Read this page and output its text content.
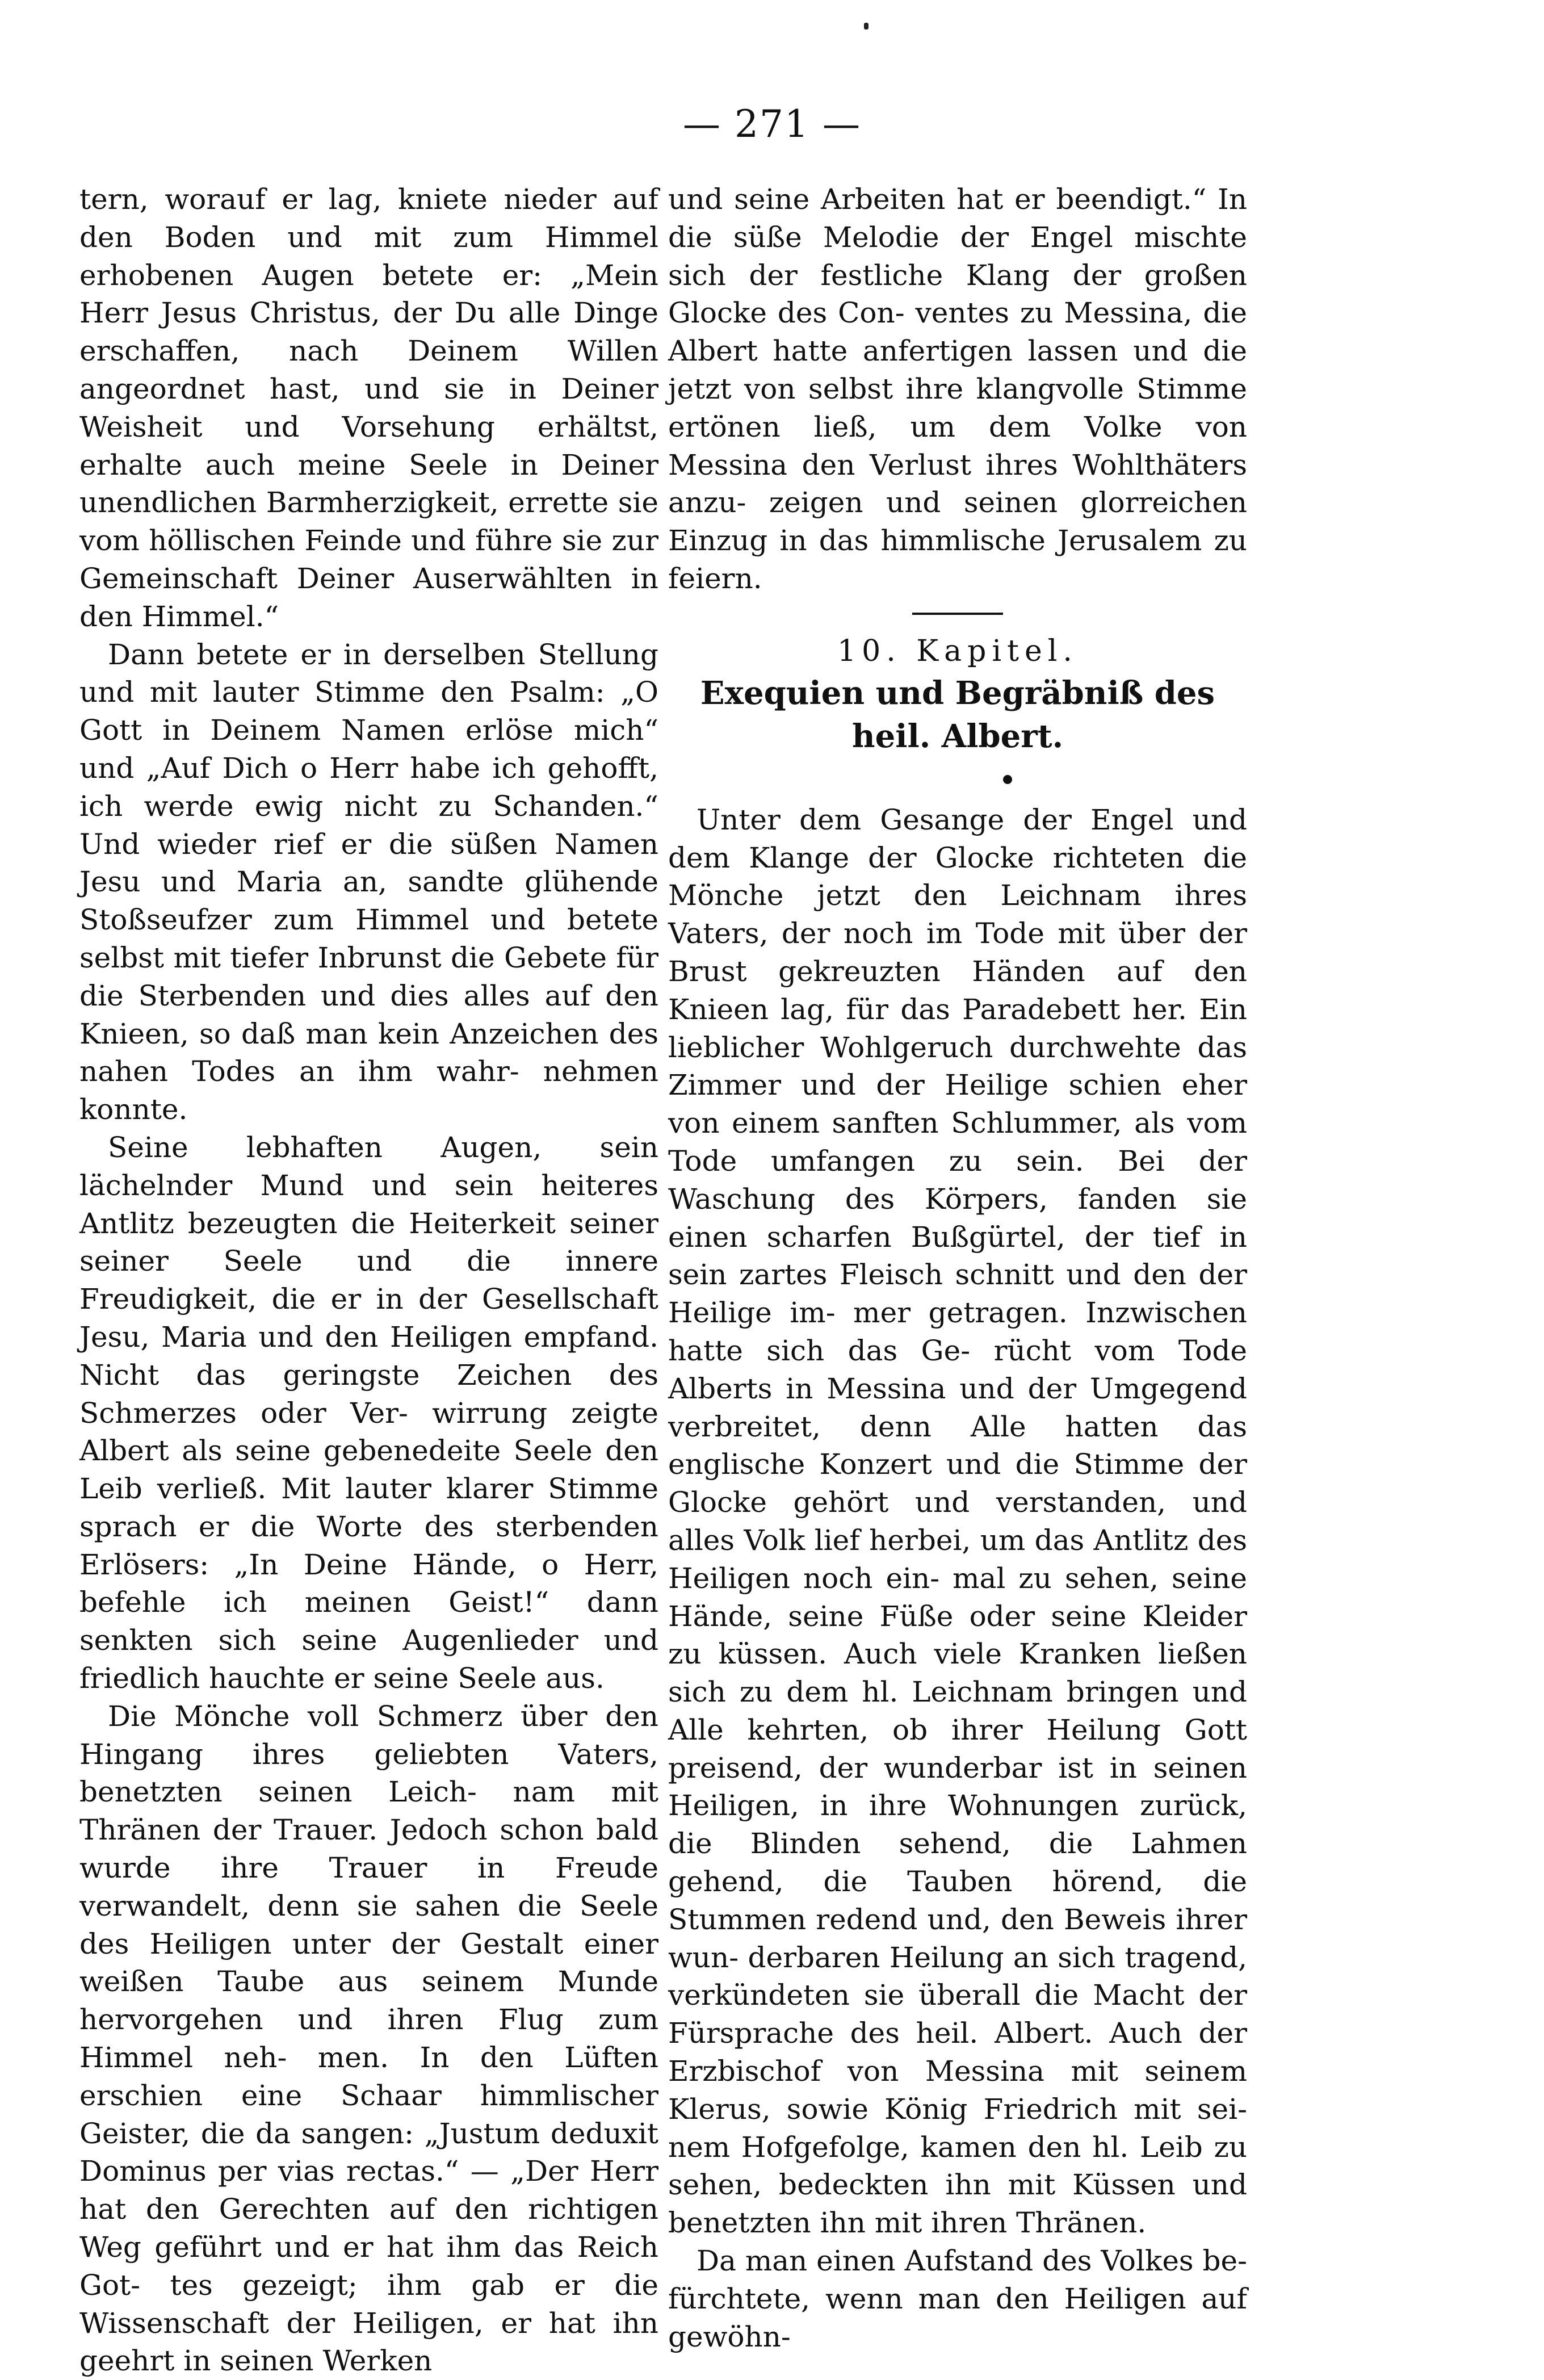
— 271 —

tern, worauf er lag, kniete nieder auf den Boden und mit zum Himmel erhobenen Augen betete er: „Mein Herr Jesus Christus, der Du alle Dinge erschaffen, nach Deinem Willen angeordnet hast, und sie in Deiner Weisheit und Vorsehung erhältst, erhalte auch meine Seele in Deiner unendlichen Barmherzigkeit, errette sie vom höllischen Feinde und führe sie zur Gemeinschaft Deiner Auserwählten in den Himmel.“

Dann betete er in derselben Stellung und mit lauter Stimme den Psalm: „O Gott in Deinem Namen erlöse mich“ und „Auf Dich o Herr habe ich gehofft, ich werde ewig nicht zu Schanden.“ Und wieder rief er die süßen Namen Jesu und Maria an, sandte glühende Stoßseufzer zum Himmel und betete selbst mit tiefer Inbrunst die Gebete für die Sterbenden und dies alles auf den Knieen, so daß man kein Anzeichen des nahen Todes an ihm wahr- nehmen konnte.

Seine lebhaften Augen, sein lächelnder Mund und sein heiteres Antlitz bezeugten die Heiterkeit seiner seiner Seele und die innere Freudigkeit, die er in der Gesellschaft Jesu, Maria und den Heiligen empfand. Nicht das geringste Zeichen des Schmerzes oder Ver- wirrung zeigte Albert als seine gebenedeite Seele den Leib verließ. Mit lauter klarer Stimme sprach er die Worte des sterbenden Erlösers: „In Deine Hände, o Herr, befehle ich meinen Geist!“ dann senkten sich seine Augenlieder und friedlich hauchte er seine Seele aus.

Die Mönche voll Schmerz über den Hingang ihres geliebten Vaters, benetzten seinen Leich- nam mit Thränen der Trauer. Jedoch schon bald wurde ihre Trauer in Freude verwandelt, denn sie sahen die Seele des Heiligen unter der Gestalt einer weißen Taube aus seinem Munde hervorgehen und ihren Flug zum Himmel neh- men. In den Lüften erschien eine Schaar himmlischer Geister, die da sangen: „Justum deduxit Dominus per vias rectas.“ — „Der Herr hat den Gerechten auf den richtigen Weg geführt und er hat ihm das Reich Got- tes gezeigt; ihm gab er die Wissenschaft der Heiligen, er hat ihn geehrt in seinen Werken

und seine Arbeiten hat er beendigt.“ In die süße Melodie der Engel mischte sich der festliche Klang der großen Glocke des Con- ventes zu Messina, die Albert hatte anfertigen lassen und die jetzt von selbst ihre klangvolle Stimme ertönen ließ, um dem Volke von Messina den Verlust ihres Wohlthäters anzu- zeigen und seinen glorreichen Einzug in das himmlische Jerusalem zu feiern.

10. Kapitel.

Exequien und Begräbniß des heil. Albert.

Unter dem Gesange der Engel und dem Klange der Glocke richteten die Mönche jetzt den Leichnam ihres Vaters, der noch im Tode mit über der Brust gekreuzten Händen auf den Knieen lag, für das Paradebett her. Ein lieblicher Wohlgeruch durchwehte das Zimmer und der Heilige schien eher von einem sanften Schlummer, als vom Tode umfangen zu sein. Bei der Waschung des Körpers, fanden sie einen scharfen Bußgürtel, der tief in sein zartes Fleisch schnitt und den der Heilige im- mer getragen. Inzwischen hatte sich das Ge- rücht vom Tode Alberts in Messina und der Umgegend verbreitet, denn Alle hatten das englische Konzert und die Stimme der Glocke gehört und verstanden, und alles Volk lief herbei, um das Antlitz des Heiligen noch ein- mal zu sehen, seine Hände, seine Füße oder seine Kleider zu küssen. Auch viele Kranken ließen sich zu dem hl. Leichnam bringen und Alle kehrten, ob ihrer Heilung Gott preisend, der wunderbar ist in seinen Heiligen, in ihre Wohnungen zurück, die Blinden sehend, die Lahmen gehend, die Tauben hörend, die Stummen redend und, den Beweis ihrer wun- derbaren Heilung an sich tragend, verkündeten sie überall die Macht der Fürsprache des heil. Albert. Auch der Erzbischof von Messina mit seinem Klerus, sowie König Friedrich mit sei- nem Hofgefolge, kamen den hl. Leib zu sehen, bedeckten ihn mit Küssen und benetzten ihn mit ihren Thränen.

Da man einen Aufstand des Volkes be- fürchtete, wenn man den Heiligen auf gewöhn-
